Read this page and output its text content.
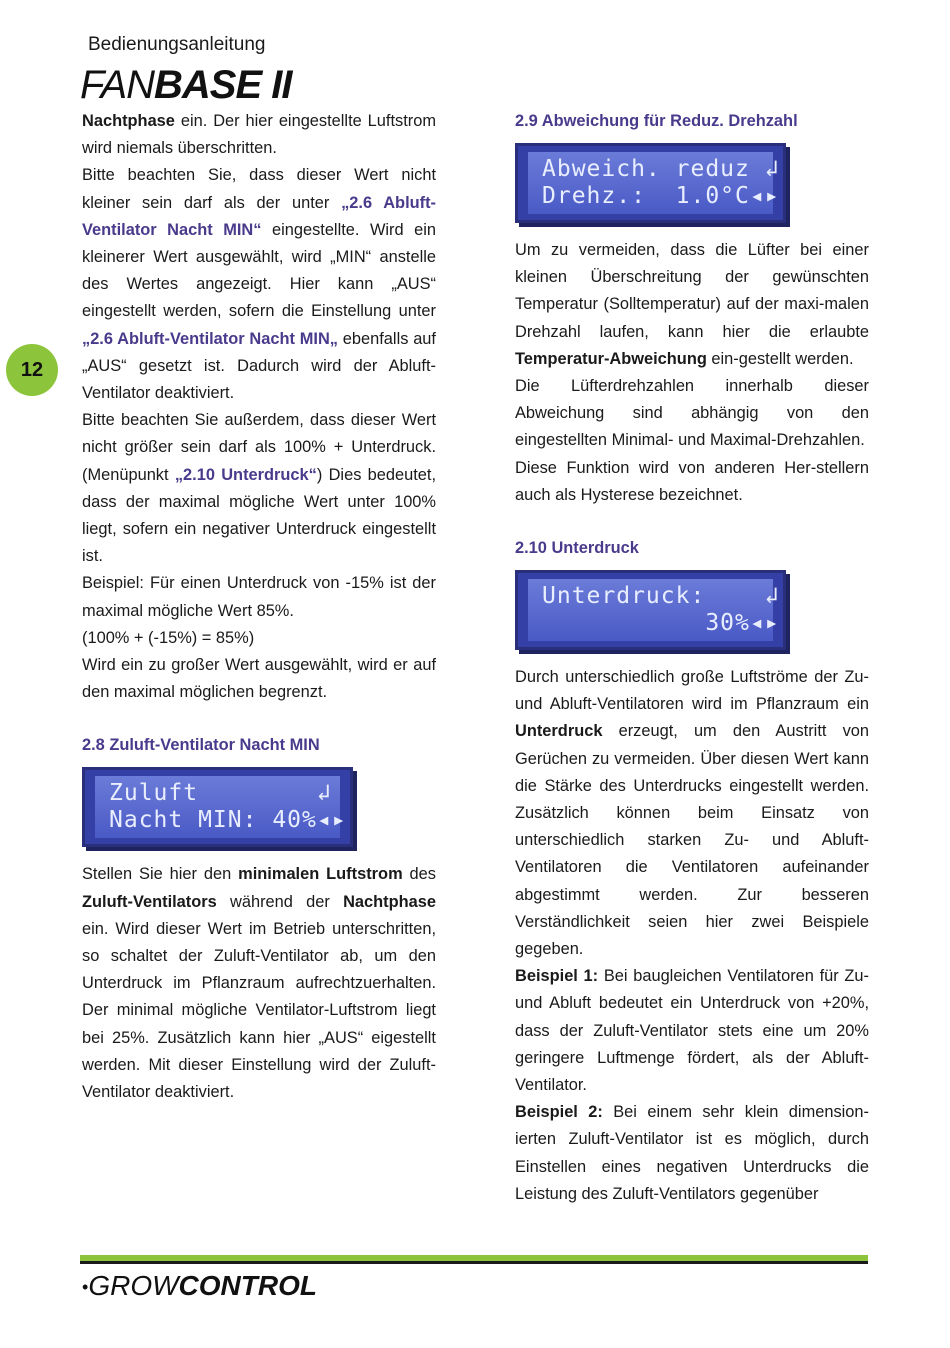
Bedienungsanleitung
FANBASE II
12

Nachtphase ein. Der hier eingestellte Luftstrom wird niemals überschritten.

Bitte beachten Sie, dass dieser Wert nicht kleiner sein darf als der unter „2.6 Abluft-Ventilator Nacht MIN“ eingestellte. Wird ein kleinerer Wert ausgewählt, wird „MIN“ anstelle des Wertes angezeigt. Hier kann „AUS“ eingestellt werden, sofern die Einstellung unter „2.6 Abluft-Ventilator Nacht MIN„ ebenfalls auf „AUS“ gesetzt ist. Dadurch wird der Abluft-Ventilator deaktiviert.

Bitte beachten Sie außerdem, dass dieser Wert nicht größer sein darf als 100% + Unterdruck. (Menüpunkt „2.10 Unterdruck“) Dies bedeutet, dass der maximal mögliche Wert unter 100% liegt, sofern ein negativer Unterdruck eingestellt ist.

Beispiel: Für einen Unterdruck von -15% ist der maximal mögliche Wert 85%.

(100% + (-15%) = 85%)

Wird ein zu großer Wert ausgewählt, wird er auf den maximal möglichen begrenzt.

2.8 Zuluft-Ventilator Nacht MIN
Zuluft        ↲
Nacht MIN: 40%◂▸

Stellen Sie hier den minimalen Luftstrom des Zuluft-Ventilators während der Nachtphase ein. Wird dieser Wert im Betrieb unterschritten, so schaltet der Zuluft-Ventilator ab, um den Unterdruck im Pflanzraum aufrechtzuerhalten. Der minimal mögliche Ventilator-Luftstrom liegt bei 25%. Zusätzlich kann hier „AUS“ eigestellt werden. Mit dieser Einstellung wird der Zuluft-Ventilator deaktiviert.

2.9 Abweichung für Reduz. Drehzahl
Abweich. reduz ↲
Drehz.:  1.0°C◂▸

Um zu vermeiden, dass die Lüfter bei einer kleinen Überschreitung der gewünschten Temperatur (Solltemperatur) auf der maxi-malen Drehzahl laufen, kann hier die erlaubte Temperatur-Abweichung ein-gestellt werden.

Die Lüfterdrehzahlen innerhalb dieser Abweichung sind abhängig von den eingestellten Minimal- und Maximal-Drehzahlen.

Diese Funktion wird von anderen Her-stellern auch als Hysterese bezeichnet.

2.10 Unterdruck
Unterdruck:    ↲
30%◂▸

Durch unterschiedlich große Luftströme der Zu- und Abluft-Ventilatoren wird im Pflanzraum ein Unterdruck erzeugt, um den Austritt von Gerüchen zu vermeiden. Über diesen Wert kann die Stärke des Unterdrucks eingestellt werden. Zusätzlich können beim Einsatz von unterschiedlich starken Zu- und Abluft-Ventilatoren die Ventilatoren aufeinander abgestimmt werden. Zur besseren Verständlichkeit seien hier zwei Beispiele gegeben.

Beispiel 1: Bei baugleichen Ventilatoren für Zu- und Abluft bedeutet ein Unterdruck von +20%, dass der Zuluft-Ventilator stets eine um 20% geringere Luftmenge fördert, als der Abluft-Ventilator.

Beispiel 2: Bei einem sehr klein dimension-ierten Zuluft-Ventilator ist es möglich, durch Einstellen eines negativen Unterdrucks die Leistung des Zuluft-Ventilators gegenüber

•GROWCONTROL
